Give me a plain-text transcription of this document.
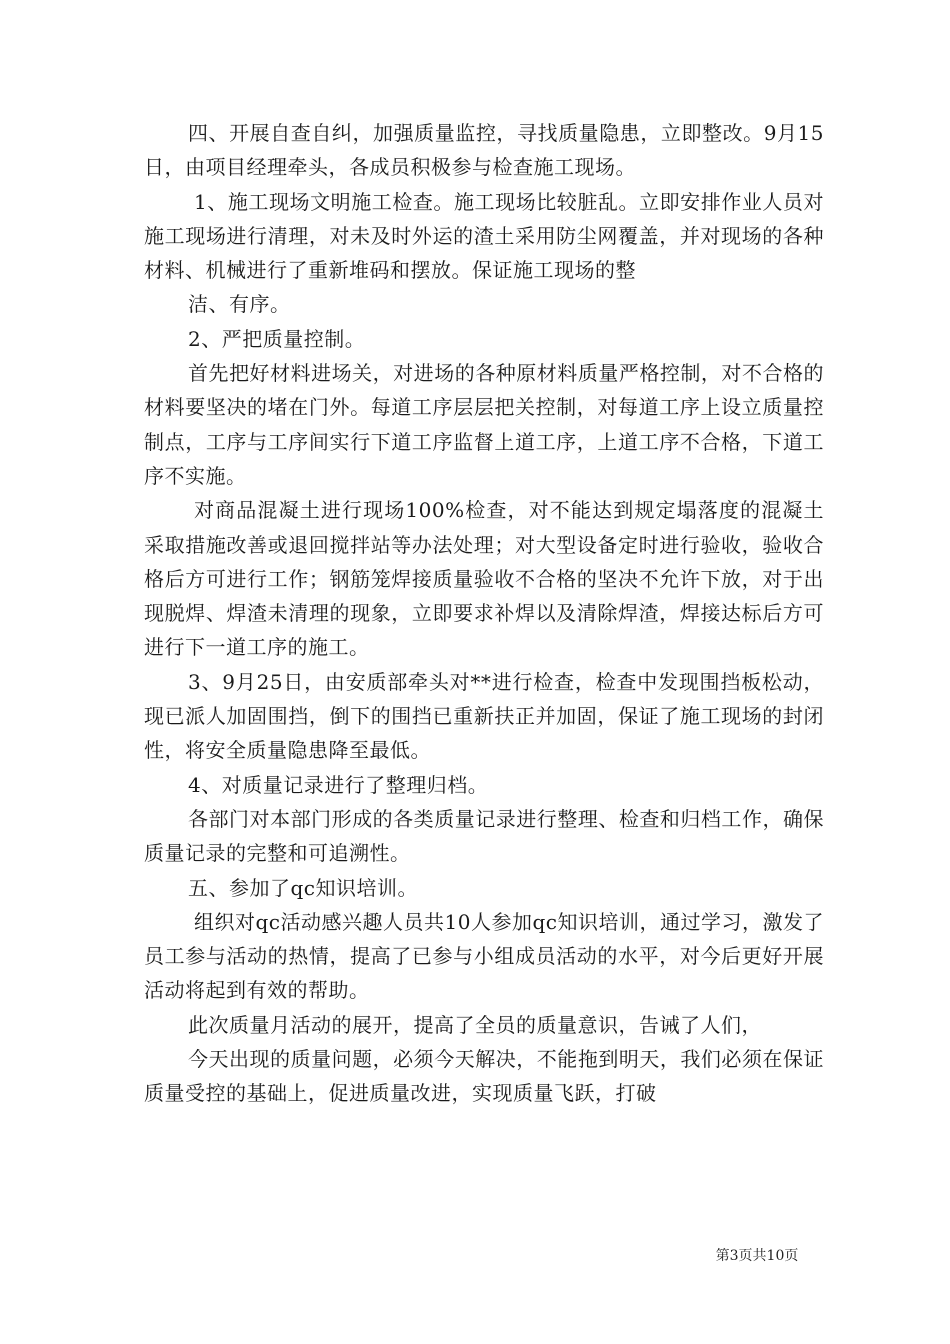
四、开展自查自纠，加强质量监控，寻找质量隐患，立即整改。9月15日，由项目经理牵头，各成员积极参与检查施工现场。

1、施工现场文明施工检查。施工现场比较脏乱。立即安排作业人员对施工现场进行清理，对未及时外运的渣土采用防尘网覆盖，并对现场的各种材料、机械进行了重新堆码和摆放。保证施工现场的整

洁、有序。

2、严把质量控制。

首先把好材料进场关，对进场的各种原材料质量严格控制，对不合格的材料要坚决的堵在门外。每道工序层层把关控制，对每道工序上设立质量控制点，工序与工序间实行下道工序监督上道工序，上道工序不合格，下道工序不实施。

对商品混凝土进行现场100%检查，对不能达到规定塌落度的混凝土采取措施改善或退回搅拌站等办法处理；对大型设备定时进行验收，验收合格后方可进行工作；钢筋笼焊接质量验收不合格的坚决不允许下放，对于出现脱焊、焊渣未清理的现象，立即要求补焊以及清除焊渣，焊接达标后方可进行下一道工序的施工。

3、9月25日，由安质部牵头对**进行检查，检查中发现围挡板松动，现已派人加固围挡，倒下的围挡已重新扶正并加固，保证了施工现场的封闭性，将安全质量隐患降至最低。

4、对质量记录进行了整理归档。

各部门对本部门形成的各类质量记录进行整理、检查和归档工作，确保质量记录的完整和可追溯性。

五、参加了qc知识培训。

组织对qc活动感兴趣人员共10人参加qc知识培训，通过学习，激发了员工参与活动的热情，提高了已参与小组成员活动的水平，对今后更好开展活动将起到有效的帮助。

此次质量月活动的展开，提高了全员的质量意识，告诫了人们，

今天出现的质量问题，必须今天解决，不能拖到明天，我们必须在保证质量受控的基础上，促进质量改进，实现质量飞跃，打破

第3页共10页
